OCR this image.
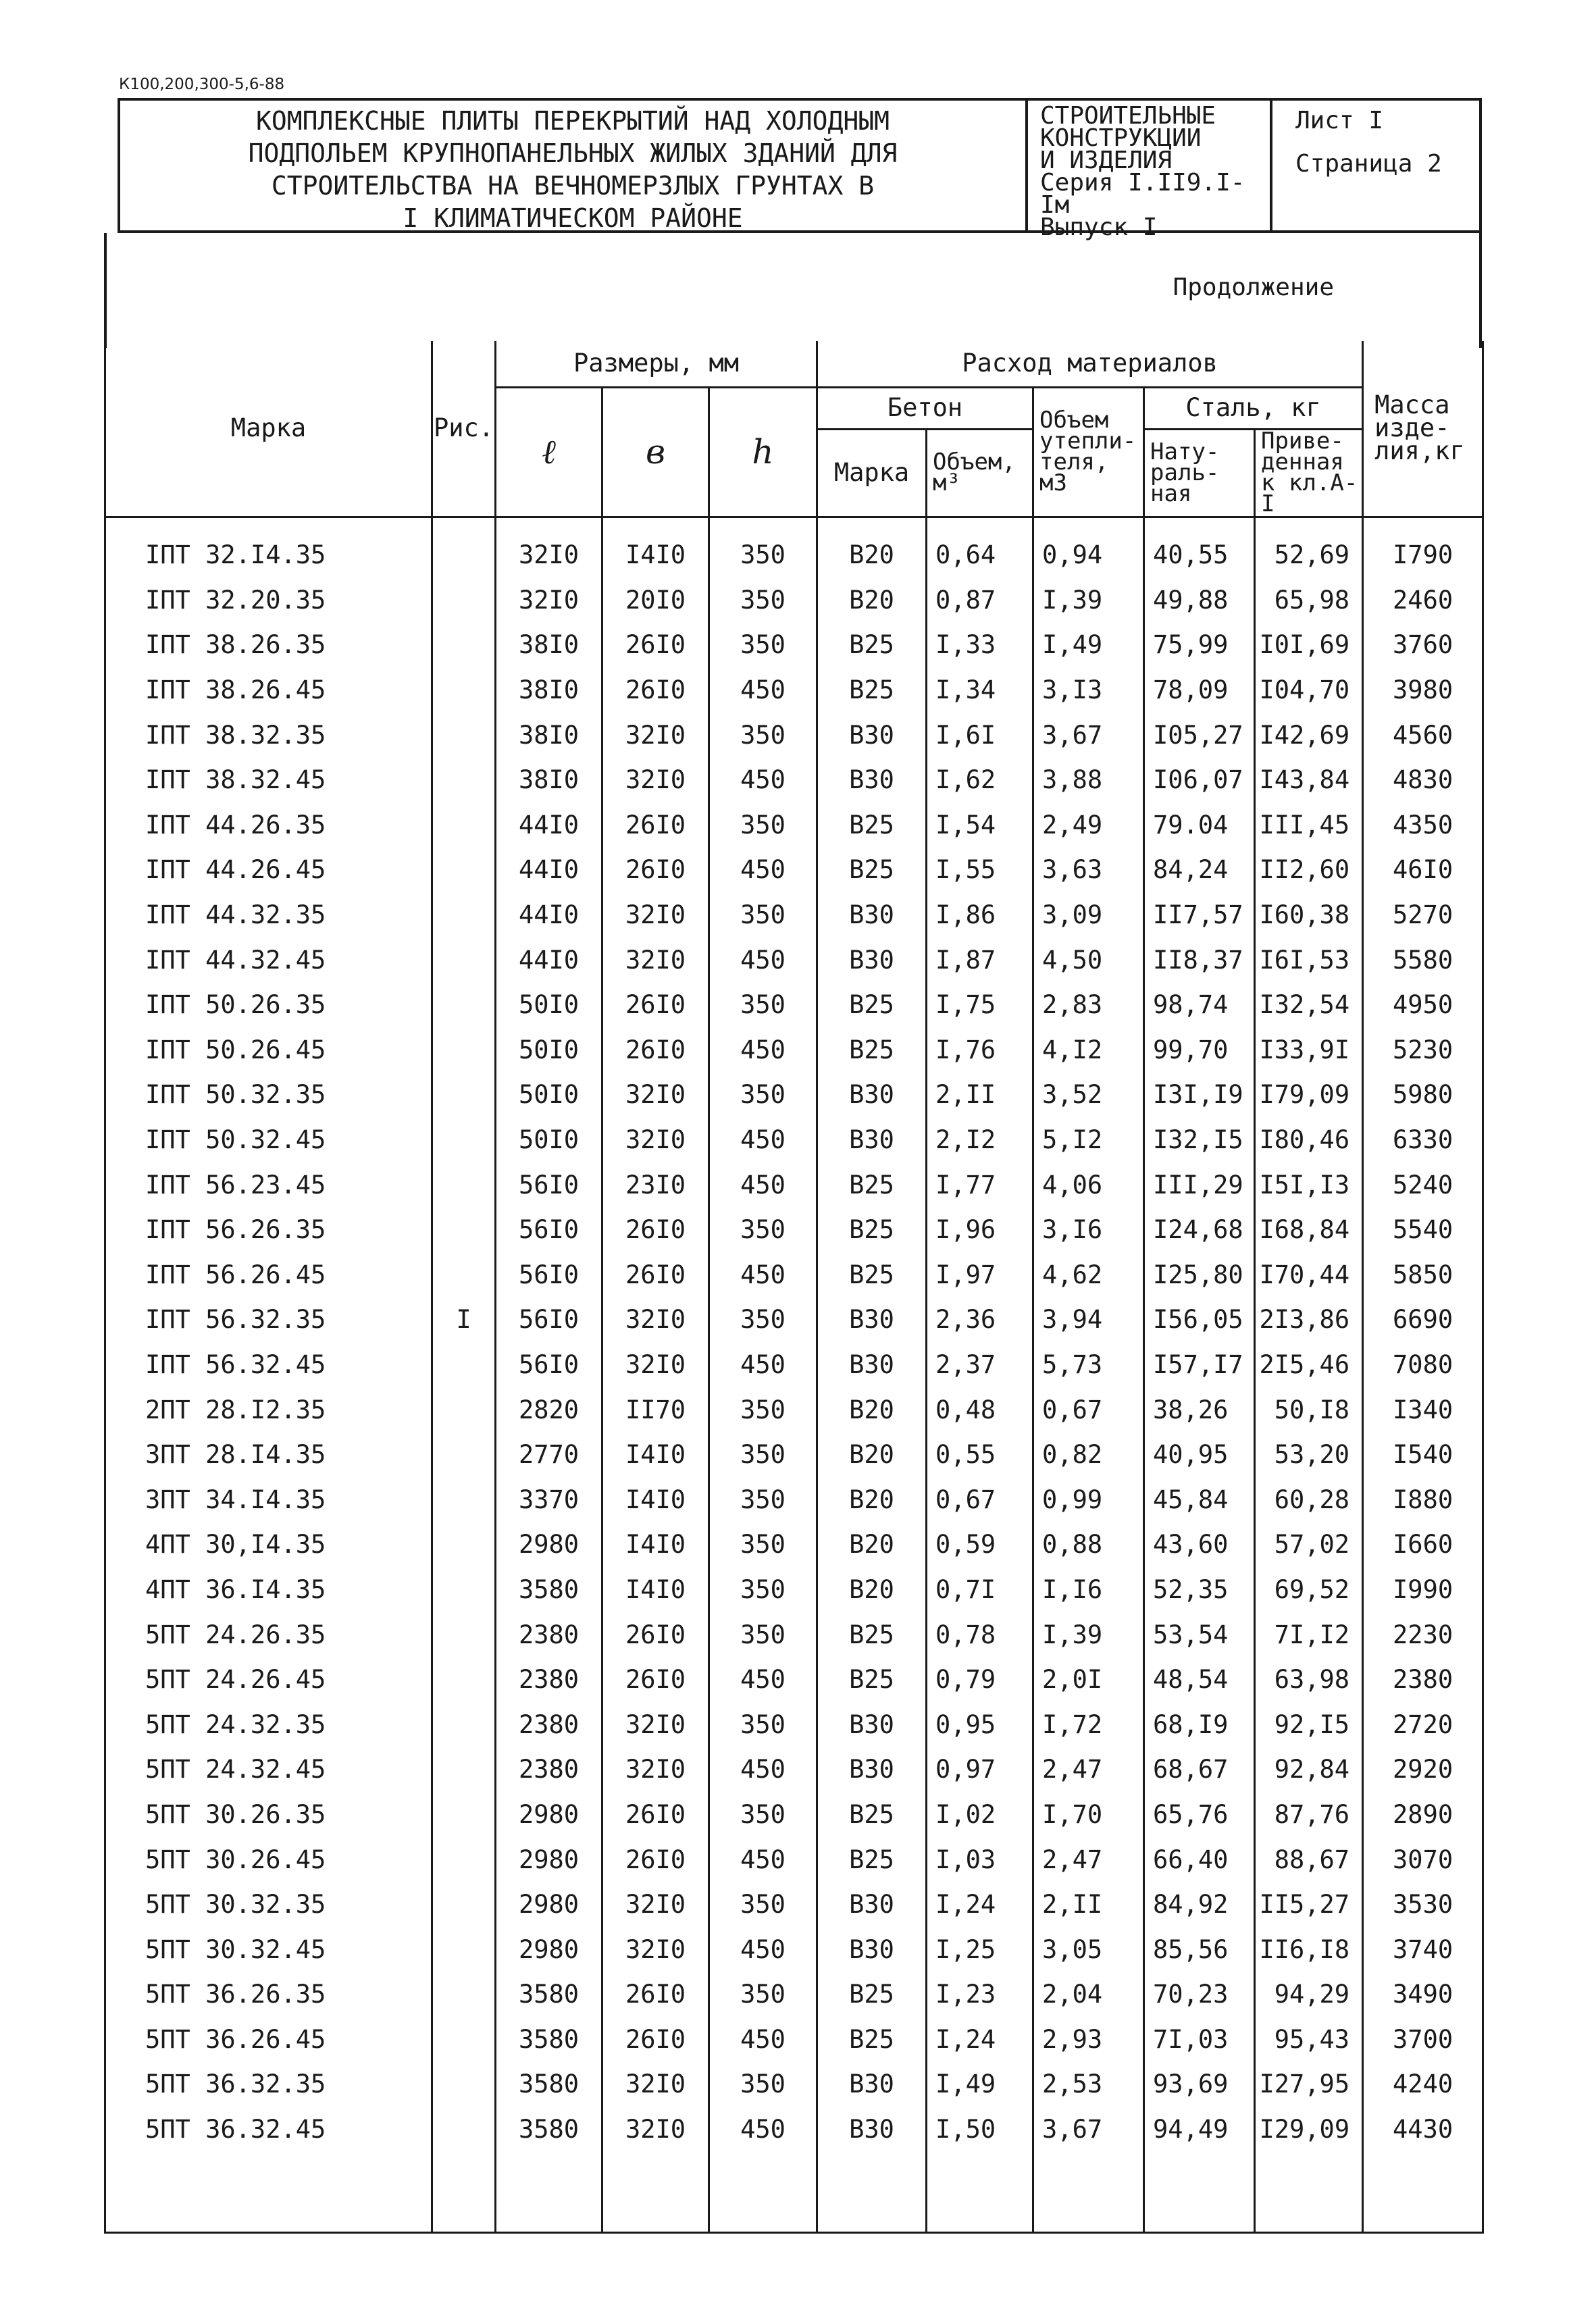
К100,200,300-5,6-88
КОМПЛЕКСНЫЕ ПЛИТЫ ПЕРЕКРЫТИЙ НАД ХОЛОДНЫМ
ПОДПОЛЬЕМ КРУПНОПАНЕЛЬНЫХ ЖИЛЫХ ЗДАНИЙ ДЛЯ
СТРОИТЕЛЬСТВА НА ВЕЧНОМЕРЗЛЫХ ГРУНТАХ В
I КЛИМАТИЧЕСКОМ РАЙОНЕ
СТРОИТЕЛЬНЫЕ
КОНСТРУКЦИИ
И ИЗДЕЛИЯ
Серия I.II9.I-Iм
Выпуск I
Лист I
Страница 2
Продолжение
Марка	Рис.	Размеры, мм			Расход материалов					Масса изде-лия,кг
		ℓ	в	h	Бетон		Объем утепли-теля, м3	Сталь, кг		
					Марка	Объем, м³		Нату-раль-ная	Приве-денная к кл.А-I	
IПТ 32.I4.35		32I0	I4I0	350	В20	0,64	0,94	40,55	52,69	I790
IПТ 32.20.35		32I0	20I0	350	В20	0,87	I,39	49,88	65,98	2460
IПТ 38.26.35		38I0	26I0	350	В25	I,33	I,49	75,99	I0I,69	3760
IПТ 38.26.45		38I0	26I0	450	В25	I,34	3,I3	78,09	I04,70	3980
IПТ 38.32.35		38I0	32I0	350	В30	I,6I	3,67	I05,27	I42,69	4560
IПТ 38.32.45		38I0	32I0	450	В30	I,62	3,88	I06,07	I43,84	4830
IПТ 44.26.35		44I0	26I0	350	В25	I,54	2,49	79.04	III,45	4350
IПТ 44.26.45		44I0	26I0	450	В25	I,55	3,63	84,24	II2,60	46I0
IПТ 44.32.35		44I0	32I0	350	В30	I,86	3,09	II7,57	I60,38	5270
IПТ 44.32.45		44I0	32I0	450	В30	I,87	4,50	II8,37	I6I,53	5580
IПТ 50.26.35		50I0	26I0	350	В25	I,75	2,83	98,74	I32,54	4950
IПТ 50.26.45		50I0	26I0	450	В25	I,76	4,I2	99,70	I33,9I	5230
IПТ 50.32.35		50I0	32I0	350	В30	2,II	3,52	I3I,I9	I79,09	5980
IПТ 50.32.45		50I0	32I0	450	В30	2,I2	5,I2	I32,I5	I80,46	6330
IПТ 56.23.45		56I0	23I0	450	В25	I,77	4,06	III,29	I5I,I3	5240
IПТ 56.26.35		56I0	26I0	350	В25	I,96	3,I6	I24,68	I68,84	5540
IПТ 56.26.45		56I0	26I0	450	В25	I,97	4,62	I25,80	I70,44	5850
IПТ 56.32.35	I	56I0	32I0	350	В30	2,36	3,94	I56,05	2I3,86	6690
IПТ 56.32.45		56I0	32I0	450	В30	2,37	5,73	I57,I7	2I5,46	7080
2ПТ 28.I2.35		2820	II70	350	В20	0,48	0,67	38,26	50,I8	I340
3ПТ 28.I4.35		2770	I4I0	350	В20	0,55	0,82	40,95	53,20	I540
3ПТ 34.I4.35		3370	I4I0	350	В20	0,67	0,99	45,84	60,28	I880
4ПТ 30,I4.35		2980	I4I0	350	В20	0,59	0,88	43,60	57,02	I660
4ПТ 36.I4.35		3580	I4I0	350	В20	0,7I	I,I6	52,35	69,52	I990
5ПТ 24.26.35		2380	26I0	350	В25	0,78	I,39	53,54	7I,I2	2230
5ПТ 24.26.45		2380	26I0	450	В25	0,79	2,0I	48,54	63,98	2380
5ПТ 24.32.35		2380	32I0	350	В30	0,95	I,72	68,I9	92,I5	2720
5ПТ 24.32.45		2380	32I0	450	В30	0,97	2,47	68,67	92,84	2920
5ПТ 30.26.35		2980	26I0	350	В25	I,02	I,70	65,76	87,76	2890
5ПТ 30.26.45		2980	26I0	450	В25	I,03	2,47	66,40	88,67	3070
5ПТ 30.32.35		2980	32I0	350	В30	I,24	2,II	84,92	II5,27	3530
5ПТ 30.32.45		2980	32I0	450	В30	I,25	3,05	85,56	II6,I8	3740
5ПТ 36.26.35		3580	26I0	350	В25	I,23	2,04	70,23	94,29	3490
5ПТ 36.26.45		3580	26I0	450	В25	I,24	2,93	7I,03	95,43	3700
5ПТ 36.32.35		3580	32I0	350	В30	I,49	2,53	93,69	I27,95	4240
5ПТ 36.32.45		3580	32I0	450	В30	I,50	3,67	94,49	I29,09	4430
